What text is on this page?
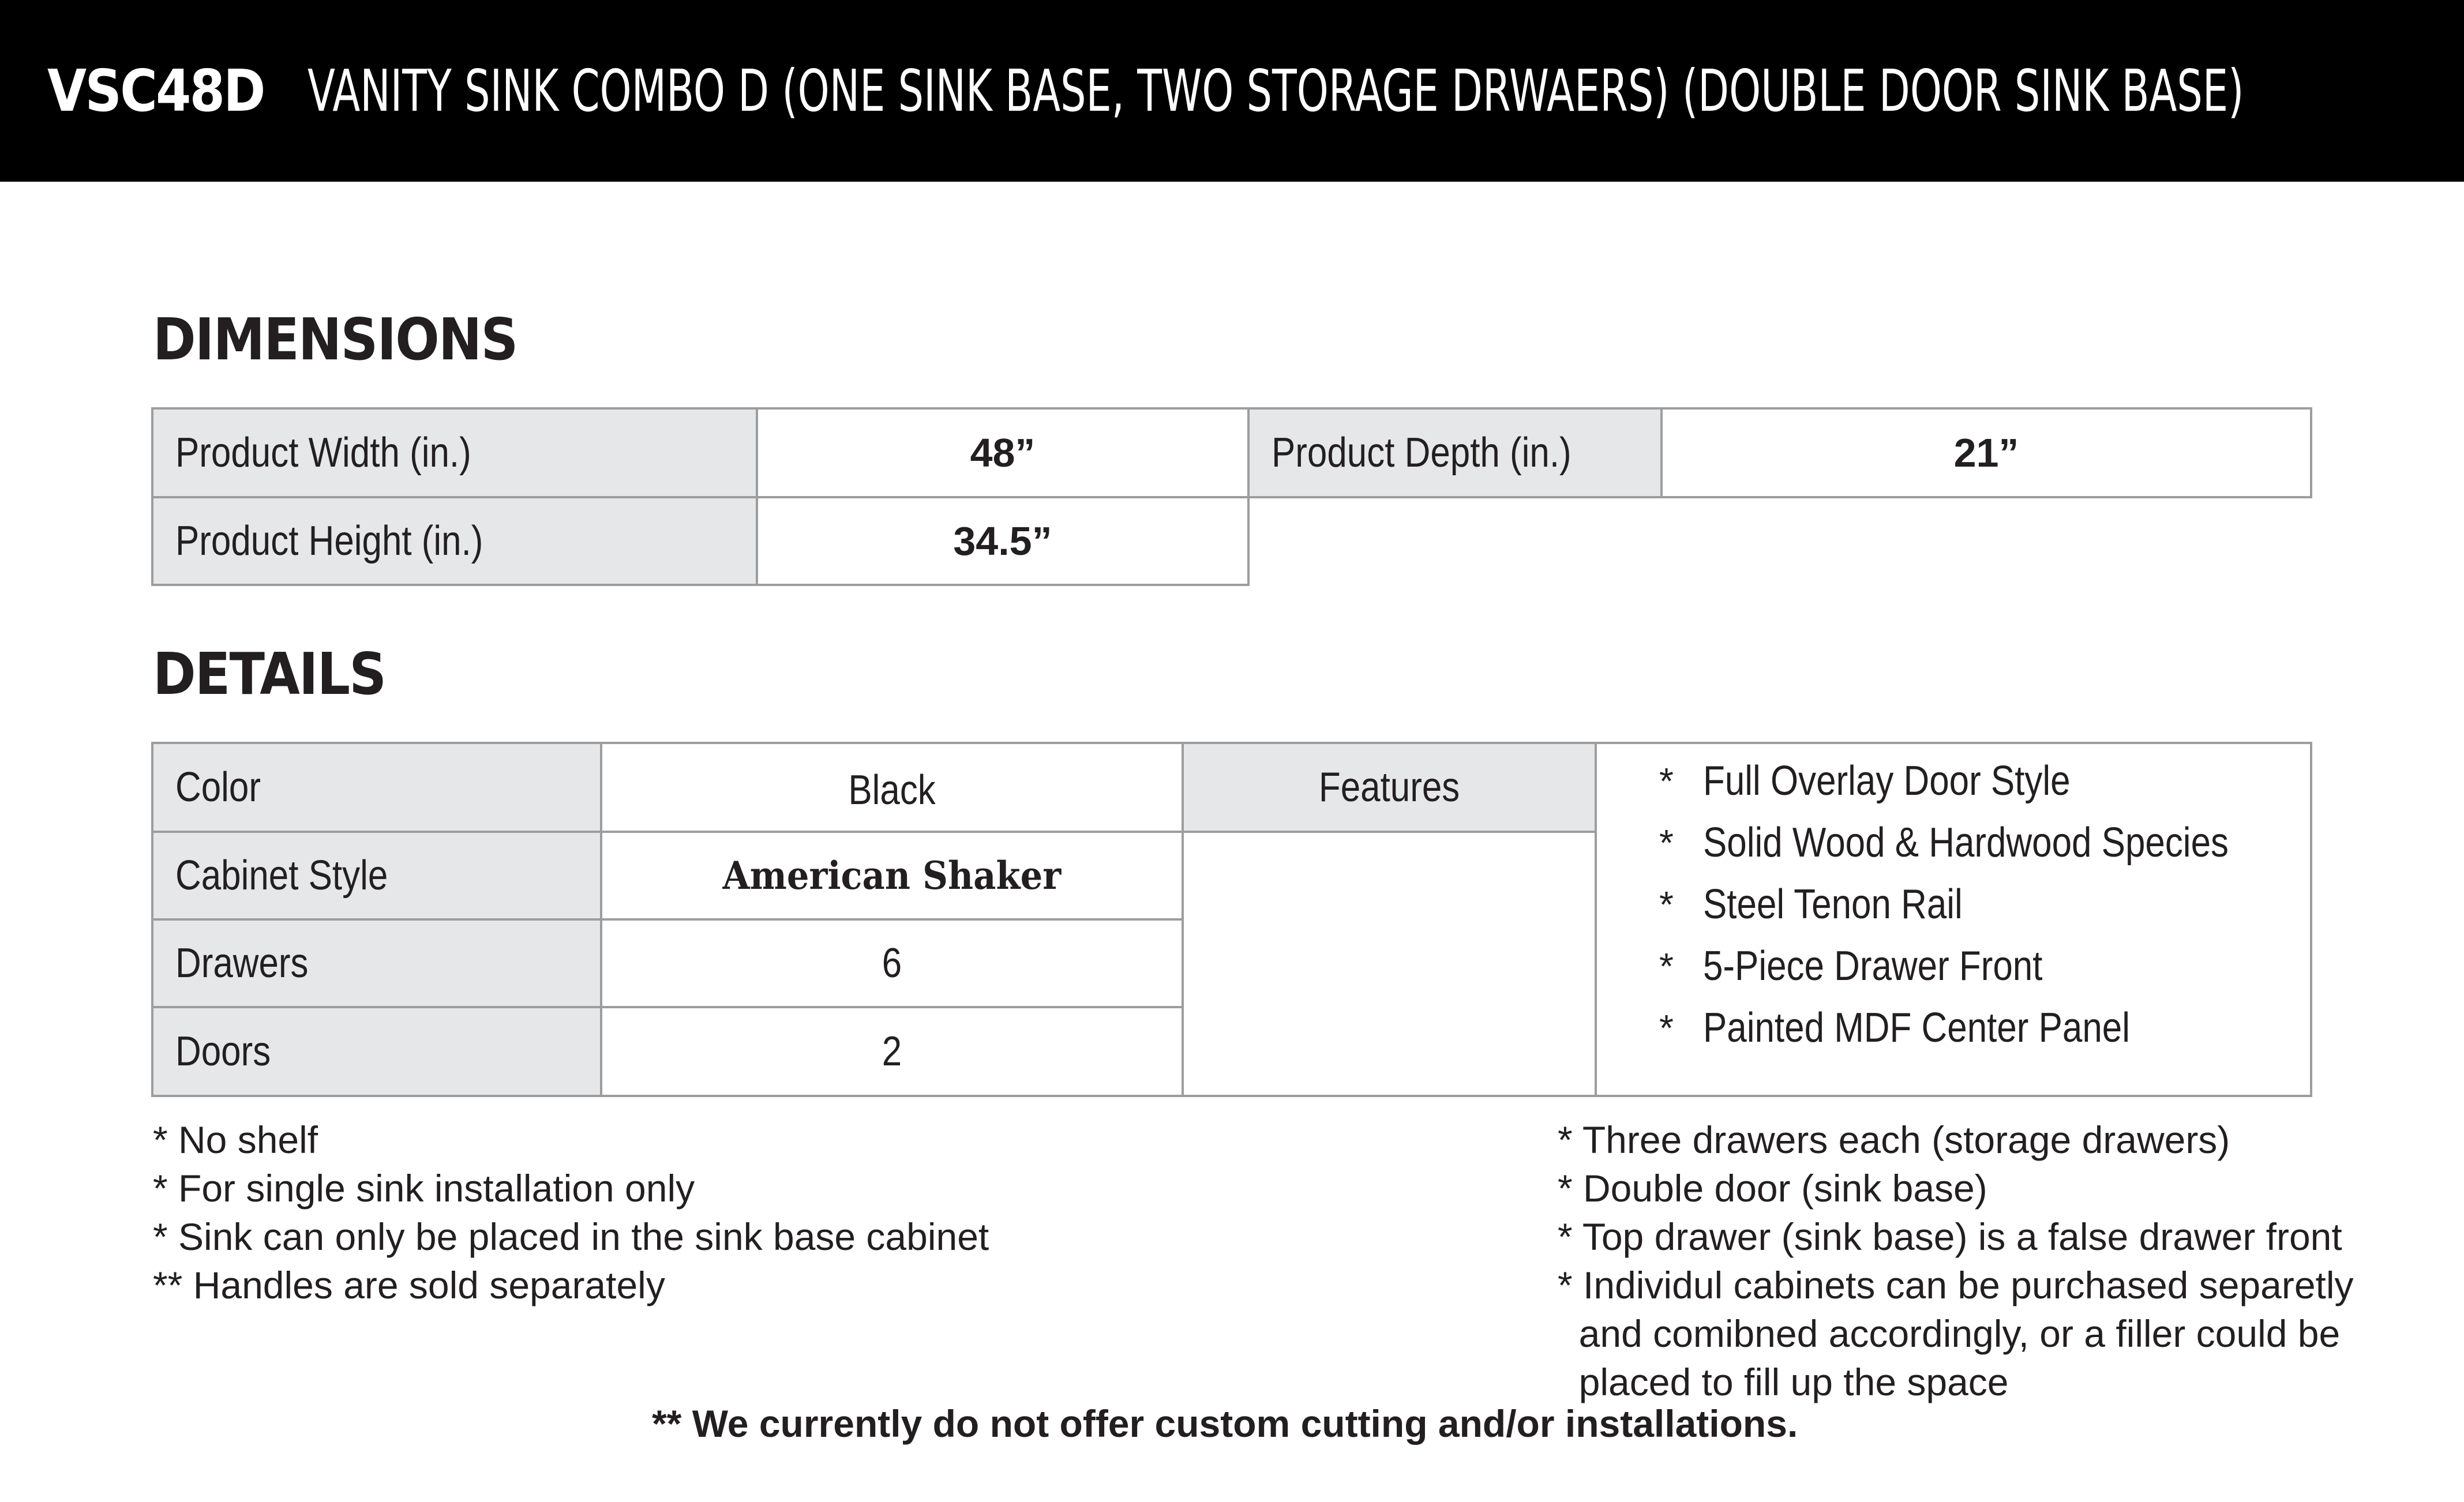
VSC48D VANITY SINK COMBO D (ONE SINK BASE, TWO STORAGE DRWAERS) (DOUBLE DOOR SINK BASE)
DIMENSIONS
Product Width (in.)	48”	Product Depth (in.)	21”
Product Height (in.)	34.5”
DETAILS
Color	Black
Cabinet Style	American Shaker
Drawers	6
Doors	2
Features	* Full Overlay Door Style
* Solid Wood & Hardwood Species
* Steel Tenon Rail
* 5-Piece Drawer Front
* Painted MDF Center Panel
* No shelf
* For single sink installation only
* Sink can only be placed in the sink base cabinet
** Handles are sold separately
* Three drawers each (storage drawers)
* Double door (sink base)
* Top drawer (sink base) is a false drawer front
* Individul cabinets can be purchased separetly
and comibned accordingly, or a filler could be
placed to fill up the space
** We currently do not offer custom cutting and/or installations.
